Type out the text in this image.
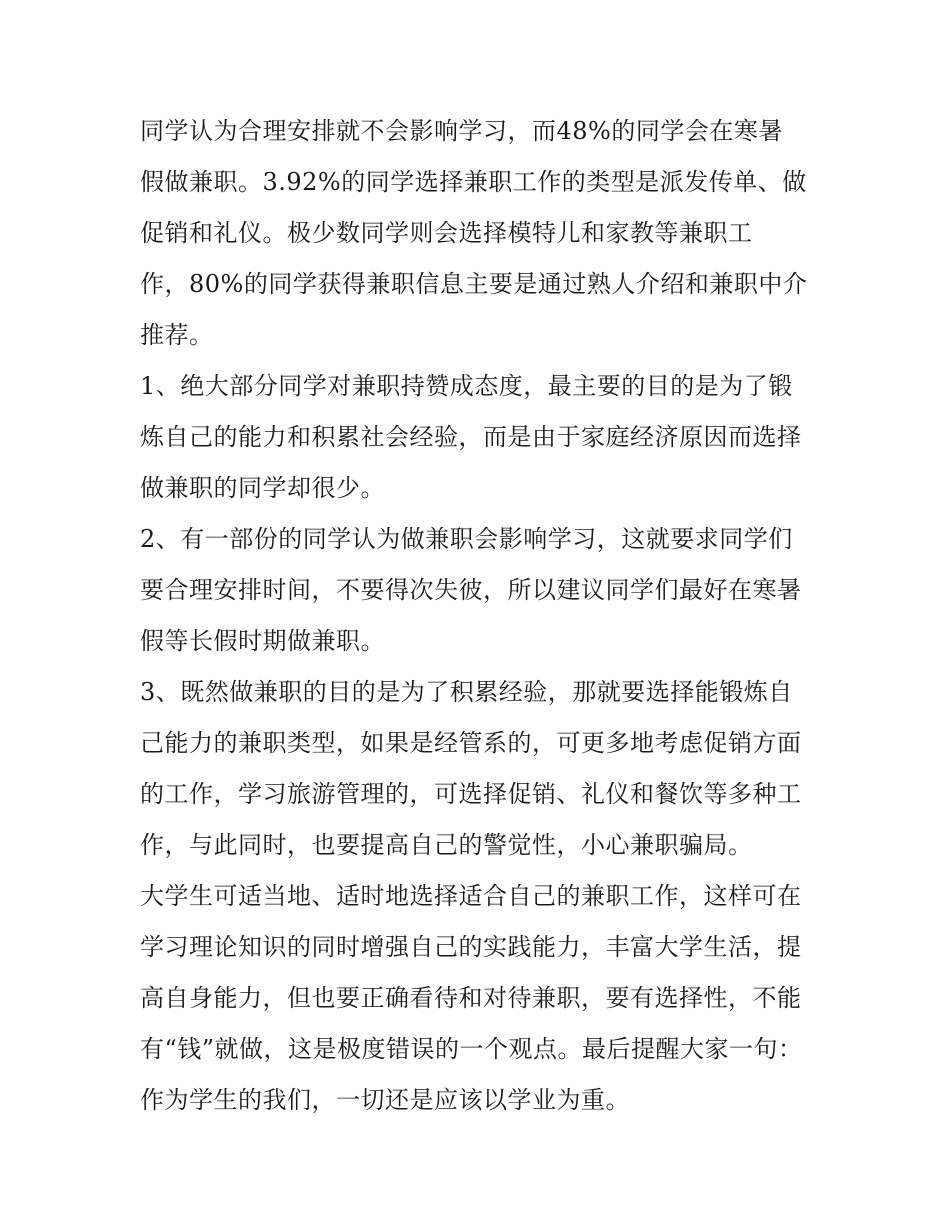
同学认为合理安排就不会影响学习，而48%的同学会在寒暑
假做兼职。3.92%的同学选择兼职工作的类型是派发传单、做
促销和礼仪。极少数同学则会选择模特儿和家教等兼职工
作，80%的同学获得兼职信息主要是通过熟人介绍和兼职中介
推荐。
1、绝大部分同学对兼职持赞成态度，最主要的目的是为了锻
炼自己的能力和积累社会经验，而是由于家庭经济原因而选择
做兼职的同学却很少。
2、有一部份的同学认为做兼职会影响学习，这就要求同学们
要合理安排时间，不要得次失彼，所以建议同学们最好在寒暑
假等长假时期做兼职。
3、既然做兼职的目的是为了积累经验，那就要选择能锻炼自
己能力的兼职类型，如果是经管系的，可更多地考虑促销方面
的工作，学习旅游管理的，可选择促销、礼仪和餐饮等多种工
作，与此同时，也要提高自己的警觉性，小心兼职骗局。
大学生可适当地、适时地选择适合自己的兼职工作，这样可在
学习理论知识的同时增强自己的实践能力，丰富大学生活，提
高自身能力，但也要正确看待和对待兼职，要有选择性，不能
有“钱”就做，这是极度错误的一个观点。最后提醒大家一句：
作为学生的我们，一切还是应该以学业为重。
